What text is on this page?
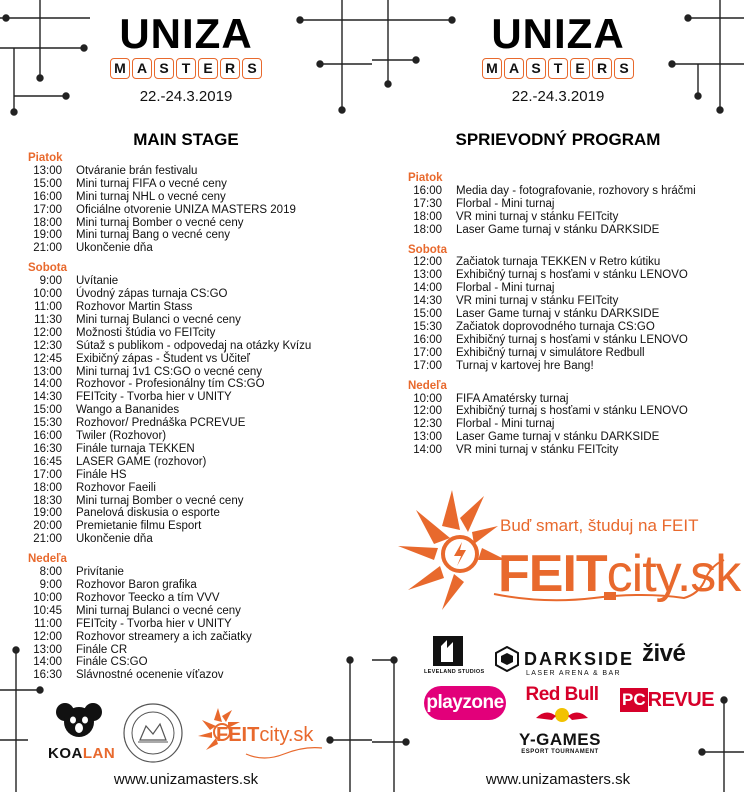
UNIZA
M A S T E R S
22.-24.3.2019
MAIN STAGE
Piatok
13:00	Otváranie brán festivalu
15:00	Mini turnaj FIFA o vecné ceny
16:00	Mini turnaj NHL o vecné ceny
17:00	Oficiálne otvorenie UNIZA MASTERS 2019
18:00	Mini turnaj Bomber o vecné ceny
19:00	Mini turnaj Bang o vecné ceny
21:00	Ukončenie dňa
Sobota
9:00	Uvítanie
10:00	Úvodný zápas turnaja CS:GO
11:00	Rozhovor Martin Stass
11:30	Mini turnaj Bulanci o vecné ceny
12:00	Možnosti štúdia vo FEITcity
12:30	Sútaž s publikom - odpovedaj na otázky Kvízu
12:45	Exibičný zápas - Študent vs Účiteľ
13:00	Mini turnaj 1v1 CS:GO o vecné ceny
14:00	Rozhovor - Profesionálny tím CS:GO
14:30	FEITcity - Tvorba hier v UNITY
15:00	Wango a Bananides
15:30	Rozhovor/ Prednáška PCREVUE
16:00	Twiler (Rozhovor)
16:30	Finále turnaja TEKKEN
16:45	LASER GAME (rozhovor)
17:00	Finále HS
18:00	Rozhovor Faeili
18:30	Mini turnaj Bomber o vecné ceny
19:00	Panelová diskusia o esporte
20:00	Premietanie filmu Esport
21:00	Ukončenie dňa
Nedeľa
8:00	Privítanie
9:00	Rozhovor Baron grafika
10:00	Rozhovor Teecko a tím VVV
10:45	Mini turnaj Bulanci o vecné ceny
11:00	FEITcity - Tvorba hier v UNITY
12:00	Rozhovor streamery a ich začiatky
13:00	Finále CR
14:00	Finále CS:GO
16:30	Slávnostné ocenenie víťazov
KOALAN
FEITcity.sk
www.unizamasters.sk
UNIZA
M A S T E R S
22.-24.3.2019
SPRIEVODNÝ PROGRAM
Piatok
16:00	Media day - fotografovanie, rozhovory s hráčmi
17:30	Florbal - Mini turnaj
18:00	VR mini turnaj v stánku FEITcity
18:00	Laser Game turnaj v stánku DARKSIDE
Sobota
12:00	Začiatok turnaja TEKKEN v Retro kútiku
13:00	Exhibičný turnaj s hosťami v stánku LENOVO
14:00	Florbal - Mini turnaj
14:30	VR mini turnaj v stánku FEITcity
15:00	Laser Game turnaj v stánku DARKSIDE
15:30	Začiatok doprovodného turnaja CS:GO
16:00	Exhibičný turnaj s hosťami v stánku LENOVO
17:00	Exhibičný turnaj v simulátore Redbull
17:00	Turnaj v kartovej hre Bang!
Nedeľa
10:00	FIFA Amatérsky turnaj
12:00	Exhibičný turnaj s hosťami v stánku LENOVO
12:30	Florbal - Mini turnaj
13:00	Laser Game turnaj v stánku DARKSIDE
14:00	VR mini turnaj v stánku FEITcity
Buď smart, študuj na FEIT
FEITcity.sk
LEVELAND STUDIOS
DARKSIDE
LASER ARENA & BAR
živé
playzone Red Bull PC REVUE
Y-GAMES
ESPORT TOURNAMENT
www.unizamasters.sk
